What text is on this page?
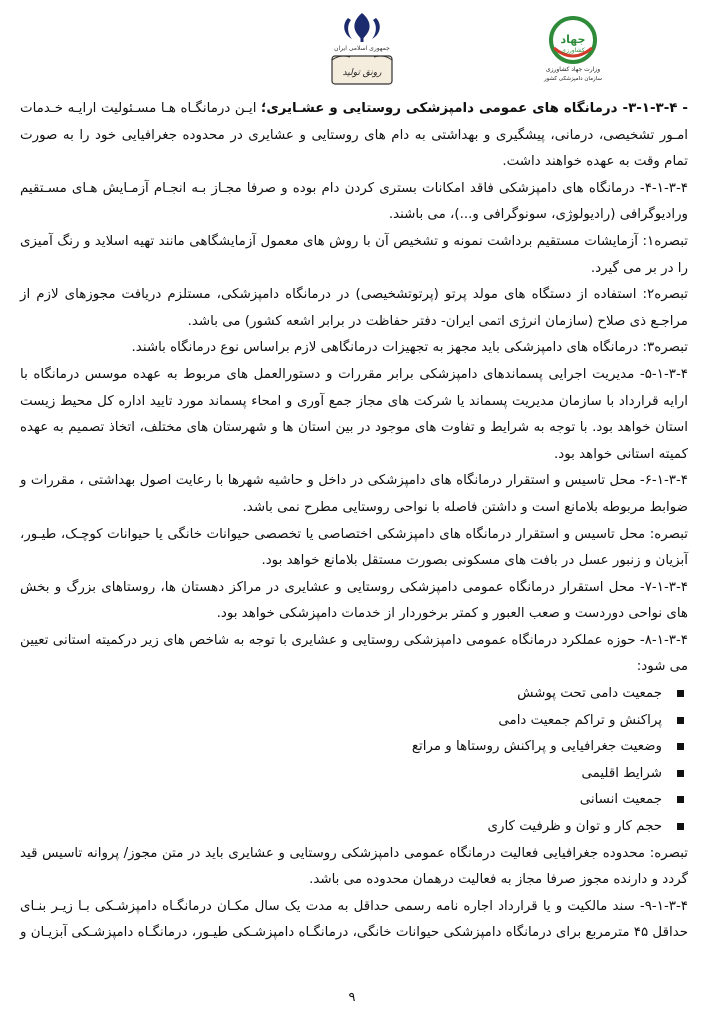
جمهوری اسلامی ایران
رونق تولید
جهاد
کشاورزی
وزارت جهاد کشاورزی
سازمان دامپزشکی کشور

- ۳-۱-۳-۴- درمانگاه های عمومی دامپزشکی روستایی و عشـایری؛ ایـن درمانگـاه هـا مسـئولیت ارایـه خـدمات امـور تشخیصی، درمانی، پیشگیری و بهداشتی به دام های روستایی و عشایری در محدوده جغرافیایی خود را به صورت تمام وقت به عهده خواهند داشت.

۴-۱-۳-۴- درمانگاه های دامپزشکی فاقد امکانات بستری کردن دام بوده و صرفا مجـاز بـه انجـام آزمـایش هـای مسـتقیم ورادیوگرافی (رادیولوژی، سونوگرافی و...)، می باشند.

تبصره۱: آزمایشات مستقیم برداشت نمونه و تشخیص آن با روش های معمول آزمایشگاهی مانند تهیه اسلاید و رنگ آمیزی را در بر می گیرد.

تبصره۲: استفاده از دستگاه های مولد پرتو (پرتوتشخیصی) در درمانگاه دامپزشکی، مستلزم دریافت مجوزهای لازم از مراجـع ذی صلاح (سازمان انرژی اتمی ایران- دفتر حفاظت در برابر اشعه کشور) می باشد.

تبصره۳: درمانگاه های دامپزشکی باید مجهز به تجهیزات درمانگاهی لازم براساس نوع درمانگاه باشند.

۵-۱-۳-۴- مدیریت اجرایی پسماندهای دامپزشکی برابر مقررات و دستورالعمل های مربوط به عهده موسس درمانگاه با ارایه قرارداد با سازمان مدیریت پسماند یا شرکت های مجاز جمع آوری و امحاء پسماند مورد تایید اداره کل محیط زیست استان خواهد بود. با توجه به شرایط و تفاوت های موجود در بین استان ها و شهرستان های مختلف، اتخاذ تصمیم به عهده کمیته استانی خواهد بود.

۶-۱-۳-۴- محل تاسیس و استقرار درمانگاه های دامپزشکی در داخل و حاشیه شهرها با رعایت اصول بهداشتی ، مقررات و ضوابط مربوطه بلامانع است و داشتن فاصله با نواحی روستایی مطرح نمی باشد.

تبصره: محل تاسیس و استقرار درمانگاه های دامپزشکی اختصاصی یا تخصصی حیوانات خانگی یا حیوانات کوچـک، طیـور، آبزیان و زنبور عسل در بافت های مسکونی بصورت مستقل بلامانع خواهد بود.

۷-۱-۳-۴- محل استقرار درمانگاه عمومی دامپزشکی روستایی و عشایری در مراکز دهستان ها، روستاهای بزرگ و بخش های نواحی دوردست و صعب العبور و کمتر برخوردار از خدمات دامپزشکی خواهد بود.

۸-۱-۳-۴- حوزه عملکرد درمانگاه عمومی دامپزشکی روستایی و عشایری با توجه به شاخص های زیر درکمیته استانی تعیین می شود:

جمعیت دامی تحت پوشش
پراکنش و تراکم جمعیت دامی
وضعیت جغرافیایی و پراکنش روستاها و مراتع
شرایط اقلیمی
جمعیت انسانی
حجم کار و توان و ظرفیت کاری

تبصره: محدوده جغرافیایی فعالیت درمانگاه عمومی دامپزشکی روستایی و عشایری باید در متن مجوز/ پروانه تاسیس قید گردد و دارنده مجوز صرفا مجاز به فعالیت درهمان محدوده می باشد.

۹-۱-۳-۴- سند مالکیت و یا قرارداد اجاره نامه رسمی حداقل به مدت یک سال مکـان درمانگـاه دامپزشـکی بـا زیـر بنـای حداقل ۴۵ مترمربع برای درمانگاه دامپزشکی حیوانات خانگی، درمانگـاه دامپزشـکی طیـور، درمانگـاه دامپزشـکی آبزیـان و

۹
